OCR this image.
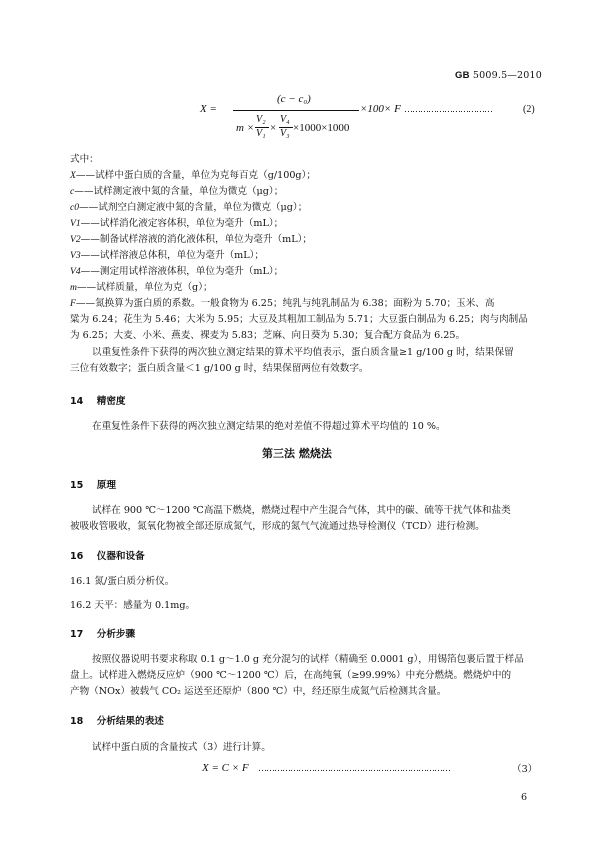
GB 5009.5—2010
X =
(c − c₀)
×100× F ……………………………	(2)
m ×
V₂
V₁ ×
V₄
V₃ ×1000×1000
式中：
X——试样中蛋白质的含量，单位为克每百克（g/100g）；
c——试样测定液中氮的含量，单位为微克（μg）；
c0——试剂空白测定液中氮的含量，单位为微克（μg）；
V1——试样消化液定容体积，单位为毫升（mL）；
V2——制备试样溶液的消化液体积，单位为毫升（mL）；
V3——试样溶液总体积，单位为毫升（mL）；
V4——测定用试样溶液体积，单位为毫升（mL）；
m——试样质量，单位为克（g）；
F——氮换算为蛋白质的系数。一般食物为 6.25；纯乳与纯乳制品为 6.38；面粉为 5.70；玉米、高
粱为 6.24；花生为 5.46；大米为 5.95；大豆及其粗加工制品为 5.71；大豆蛋白制品为 6.25；肉与肉制品
为 6.25；大麦、小米、燕麦、裸麦为 5.83；芝麻、向日葵为 5.30；复合配方食品为 6.25。
以重复性条件下获得的两次独立测定结果的算术平均值表示，蛋白质含量≥1 g/100 g 时，结果保留
三位有效数字；蛋白质含量＜1 g/100 g 时，结果保留两位有效数字。
14 精密度
在重复性条件下获得的两次独立测定结果的绝对差值不得超过算术平均值的 10 %。
第三法 燃烧法
15 原理
试样在 900 ℃～1200 ℃高温下燃烧，燃烧过程中产生混合气体，其中的碳、硫等干扰气体和盐类
被吸收管吸收，氮氧化物被全部还原成氮气，形成的氮气气流通过热导检测仪（TCD）进行检测。
16 仪器和设备
16.1 氮/蛋白质分析仪。
16.2 天平：感量为 0.1mg。
17 分析步骤
按照仪器说明书要求称取 0.1 g～1.0 g 充分混匀的试样（精确至 0.0001 g），用锡箔包裹后置于样品
盘上。试样进入燃烧反应炉（900 ℃～1200 ℃）后，在高纯氧（≥99.99%）中充分燃烧。燃烧炉中的
产物（NOx）被载气 CO₂ 运送至还原炉（800 ℃）中，经还原生成氮气后检测其含量。
18 分析结果的表述
试样中蛋白质的含量按式（3）进行计算。
X = C × F ………………………………………………………………	（3）
6
